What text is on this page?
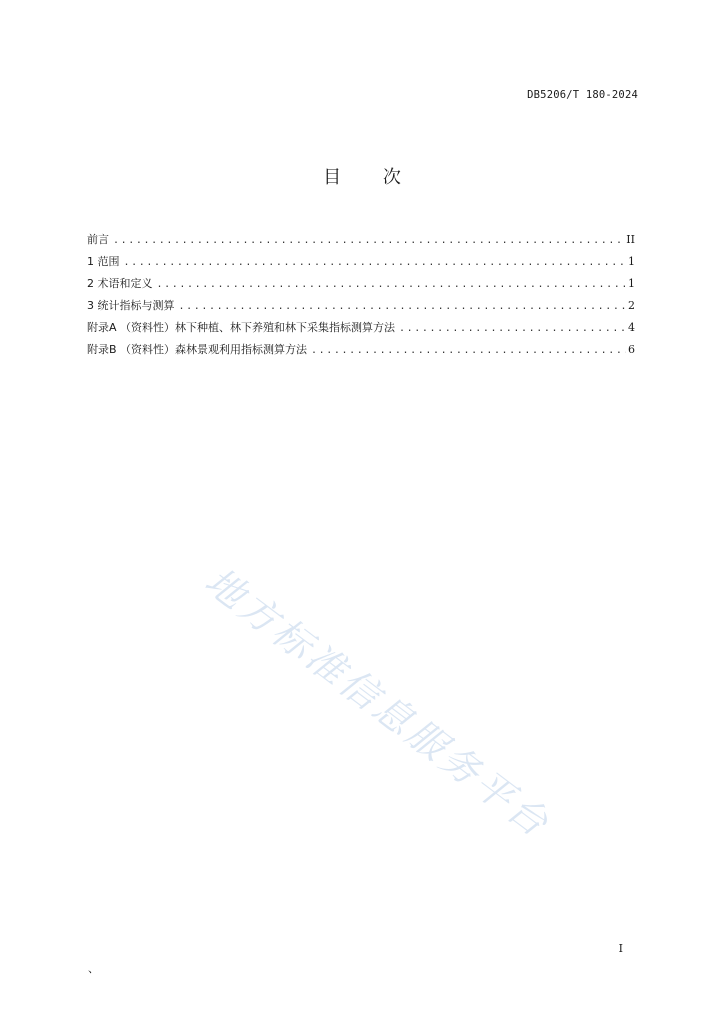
DB5206/T 180-2024
目 次
前言 .....	II
1 范围 .....	1
2 术语和定义 .....	1
3 统计指标与测算 .....	2
附录A （资料性）林下种植、林下养殖和林下采集指标测算方法 .....	4
附录B （资料性）森林景观利用指标测算方法 .....	6
地方标准信息服务平台
I
、
